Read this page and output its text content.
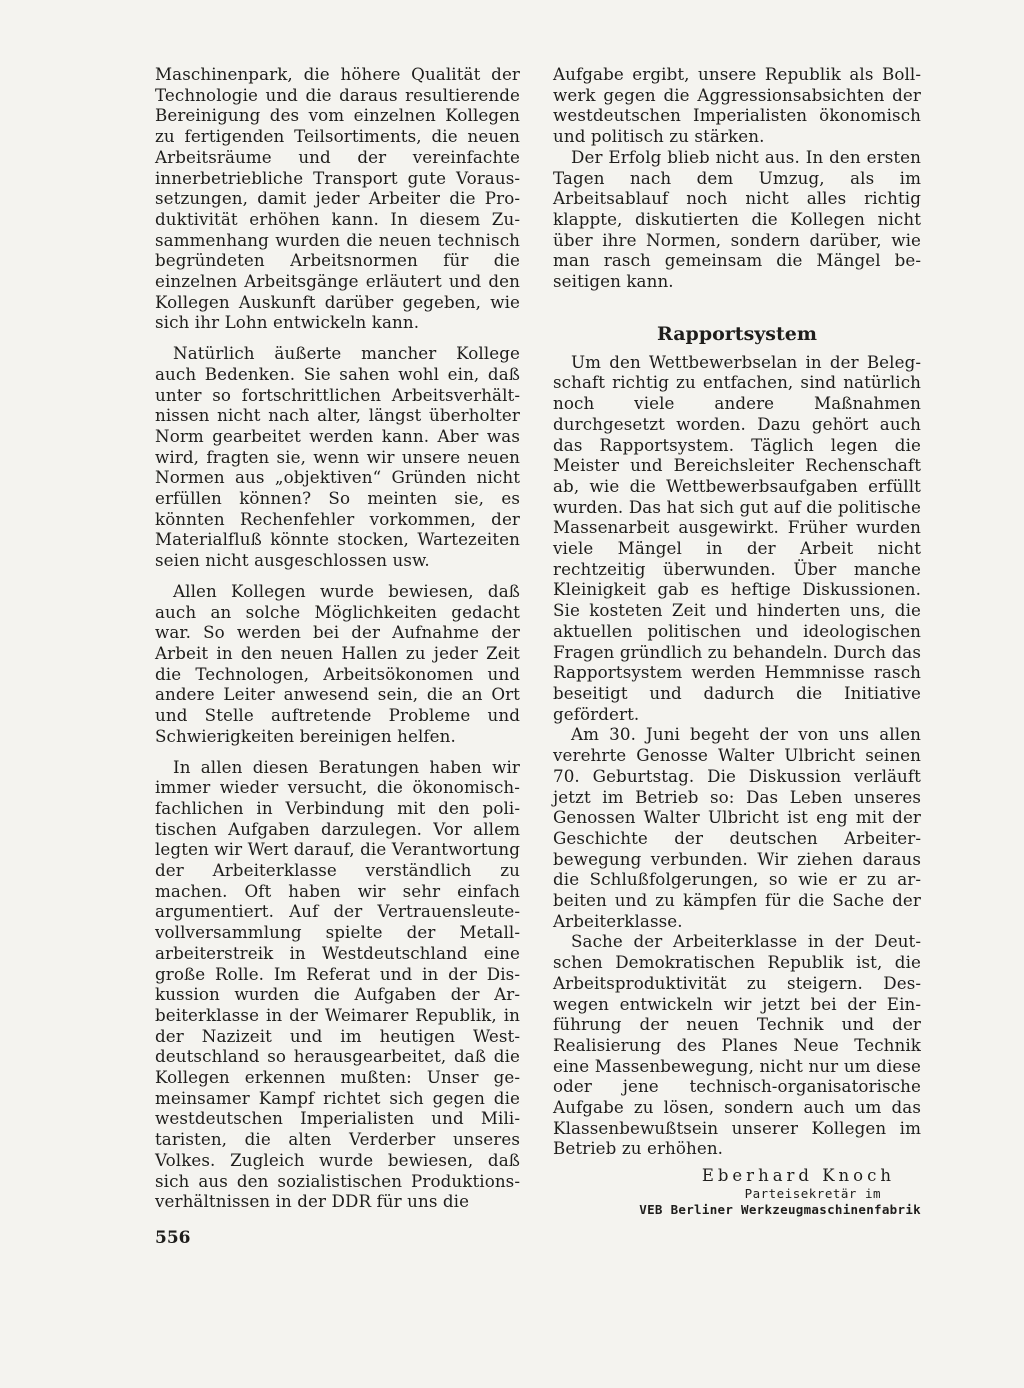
Maschinenpark, die höhere Qualität der Technologie und die daraus resultierende Bereinigung des vom einzelnen Kollegen zu fertigenden Teilsortiments, die neuen Arbeitsräume und der vereinfachte innerbetriebliche Transport gute Voraussetzungen, damit jeder Arbeiter die Produktivität erhöhen kann. In diesem Zusammenhang wurden die neuen technisch begründeten Arbeitsnormen für die einzelnen Arbeitsgänge erläutert und den Kollegen Auskunft darüber gegeben, wie sich ihr Lohn entwickeln kann.

Natürlich äußerte mancher Kollege auch Bedenken. Sie sahen wohl ein, daß unter so fortschrittlichen Arbeitsverhältnissen nicht nach alter, längst überholter Norm gearbeitet werden kann. Aber was wird, fragten sie, wenn wir unsere neuen Normen aus „objektiven“ Gründen nicht erfüllen können? So meinten sie, es könnten Rechenfehler vorkommen, der Materialfluß könnte stocken, Wartezeiten seien nicht ausgeschlossen usw.

Allen Kollegen wurde bewiesen, daß auch an solche Möglichkeiten gedacht war. So werden bei der Aufnahme der Arbeit in den neuen Hallen zu jeder Zeit die Technologen, Arbeitsökonomen und andere Leiter anwesend sein, die an Ort und Stelle auftretende Probleme und Schwierigkeiten bereinigen helfen.

In allen diesen Beratungen haben wir immer wieder versucht, die ökonomisch-fachlichen in Verbindung mit den politischen Aufgaben darzulegen. Vor allem legten wir Wert darauf, die Verantwortung der Arbeiterklasse verständlich zu machen. Oft haben wir sehr einfach argumentiert. Auf der Vertrauensleutevollversammlung spielte der Metallarbeiterstreik in Westdeutschland eine große Rolle. Im Referat und in der Diskussion wurden die Aufgaben der Arbeiterklasse in der Weimarer Republik, in der Nazizeit und im heutigen Westdeutschland so herausgearbeitet, daß die Kollegen erkennen mußten: Unser gemeinsamer Kampf richtet sich gegen die westdeutschen Imperialisten und Militaristen, die alten Verderber unseres Volkes. Zugleich wurde bewiesen, daß sich aus den sozialistischen Produktionsverhältnissen in der DDR für uns die

Aufgabe ergibt, unsere Republik als Bollwerk gegen die Aggressionsabsichten der westdeutschen Imperialisten ökonomisch und politisch zu stärken.

Der Erfolg blieb nicht aus. In den ersten Tagen nach dem Umzug, als im Arbeitsablauf noch nicht alles richtig klappte, diskutierten die Kollegen nicht über ihre Normen, sondern darüber, wie man rasch gemeinsam die Mängel beseitigen kann.

Rapportsystem

Um den Wettbewerbselan in der Belegschaft richtig zu entfachen, sind natürlich noch viele andere Maßnahmen durchgesetzt worden. Dazu gehört auch das Rapportsystem. Täglich legen die Meister und Bereichsleiter Rechenschaft ab, wie die Wettbewerbsaufgaben erfüllt wurden. Das hat sich gut auf die politische Massenarbeit ausgewirkt. Früher wurden viele Mängel in der Arbeit nicht rechtzeitig überwunden. Über manche Kleinigkeit gab es heftige Diskussionen. Sie kosteten Zeit und hinderten uns, die aktuellen politischen und ideologischen Fragen gründlich zu behandeln. Durch das Rapportsystem werden Hemmnisse rasch beseitigt und dadurch die Initiative gefördert.

Am 30. Juni begeht der von uns allen verehrte Genosse Walter Ulbricht seinen 70. Geburtstag. Die Diskussion verläuft jetzt im Betrieb so: Das Leben unseres Genossen Walter Ulbricht ist eng mit der Geschichte der deutschen Arbeiterbewegung verbunden. Wir ziehen daraus die Schlußfolgerungen, so wie er zu arbeiten und zu kämpfen für die Sache der Arbeiterklasse.

Sache der Arbeiterklasse in der Deutschen Demokratischen Republik ist, die Arbeitsproduktivität zu steigern. Deswegen entwickeln wir jetzt bei der Einführung der neuen Technik und der Realisierung des Planes Neue Technik eine Massenbewegung, nicht nur um diese oder jene technisch-organisatorische Aufgabe zu lösen, sondern auch um das Klassenbewußtsein unserer Kollegen im Betrieb zu erhöhen.

Eberhard Knoch

Parteisekretär im

VEB Berliner Werkzeugmaschinenfabrik

556
